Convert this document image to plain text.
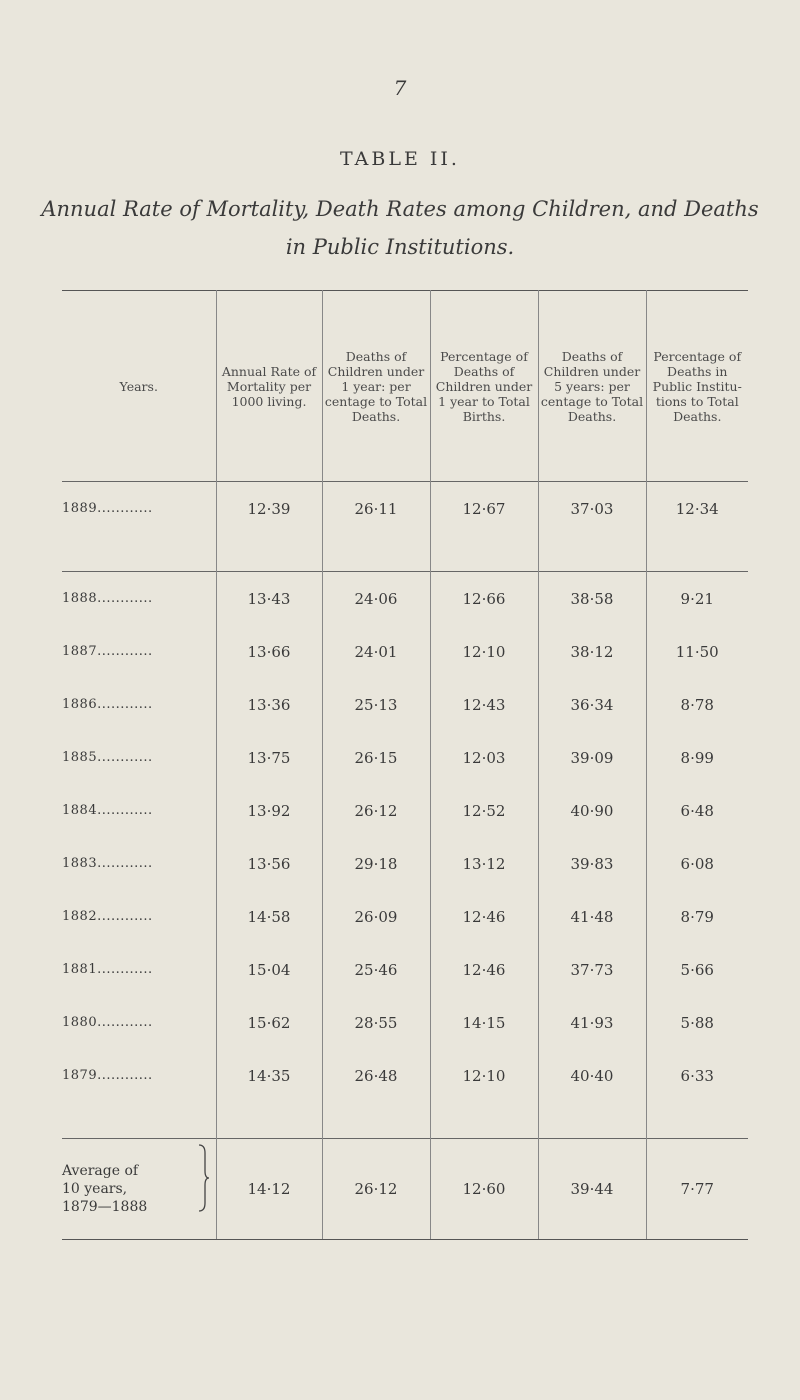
7
TABLE II.
Annual Rate of Mortality, Death Rates among Children, and Deaths in Public Institutions.
Years.	Annual Rate of Mortality per 1000 living.	Deaths of Children under 1 year: per centage to Total Deaths.	Percentage of Deaths of Children under 1 year to Total Births.	Deaths of Children under 5 years: per centage to Total Deaths.	Percentage of Deaths in Public Institu- tions to Total Deaths.
1889............	12·39	26·11	12·67	37·03	12·34

1888............	13·43	24·06	12·66	38·58	9·21
1887............	13·66	24·01	12·10	38·12	11·50
1886............	13·36	25·13	12·43	36·34	8·78
1885............	13·75	26·15	12·03	39·09	8·99
1884............	13·92	26·12	12·52	40·90	6·48
1883............	13·56	29·18	13·12	39·83	6·08
1882............	14·58	26·09	12·46	41·48	8·79
1881............	15·04	25·46	12·46	37·73	5·66
1880............	15·62	28·55	14·15	41·93	5·88
1879............	14·35	26·48	12·10	40·40	6·33

Average of
10 years,
1879—1888	14·12	26·12	12·60	39·44	7·77
